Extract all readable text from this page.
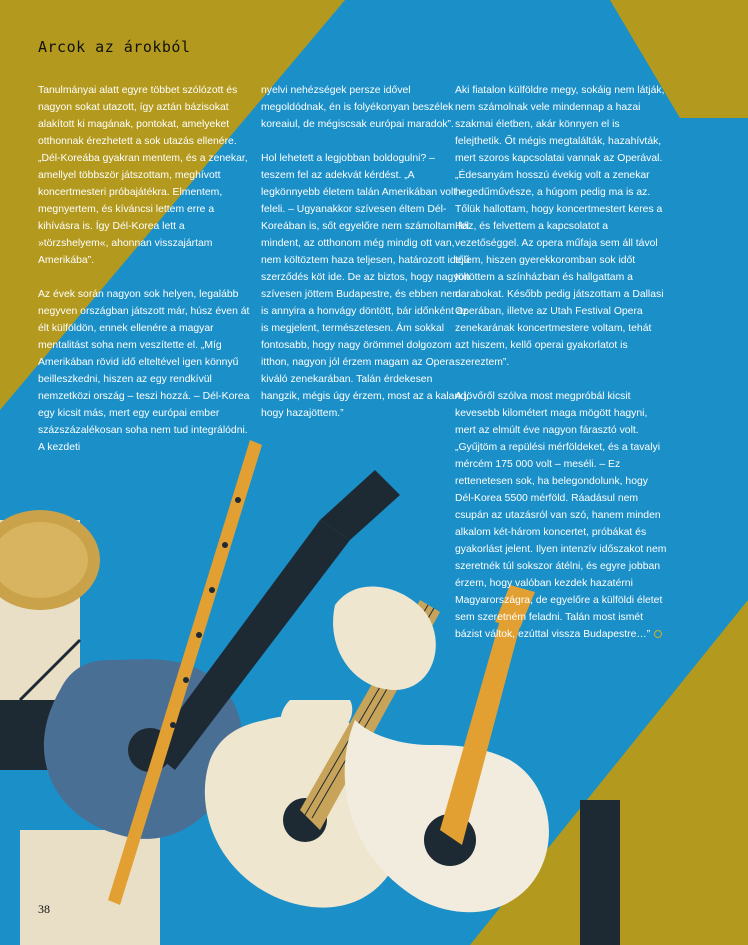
Arcok az árokból

Tanulmányai alatt egyre többet szólózott és nagyon sokat utazott, így aztán bázisokat alakított ki magának, pontokat, amelyeket otthonnak érezhetett a sok utazás ellenére. „Dél-Koreába gyakran mentem, és a zenekar, amellyel többször játszottam, meghívott koncertmesteri próbajátékra. Elmentem, megnyertem, és kíváncsi lettem erre a kihívásra is. Így Dél-Korea lett a »törzshelyem«, ahonnan visszajártam Amerikába”.

Az évek során nagyon sok helyen, legalább negyven országban játszott már, húsz éven át élt külföldön, ennek ellenére a magyar mentalitást soha nem veszítette el. „Míg Amerikában rövid idő elteltével igen könnyű beilleszkedni, hiszen az egy rendkívül nemzetközi ország – teszi hozzá. – Dél-Korea egy kicsit más, mert egy európai ember százszázalékosan soha nem tud integrálódni. A kezdeti

nyelvi nehézségek persze idővel megoldódnak, én is folyékonyan beszélek koreaiul, de mégiscsak európai maradok”.

Hol lehetett a legjobban boldogulni? – teszem fel az adekvát kérdést. „A legkönnyebb életem talán Amerikában volt – feleli. – Ugyanakkor szívesen éltem Dél-Koreában is, sőt egyelőre nem számoltam fel mindent, az otthonom még mindig ott van, nem költöztem haza teljesen, határozott idejű szerződés köt ide. De az biztos, hogy nagyon szívesen jöttem Budapestre, és ebben nem is annyira a honvágy döntött, bár időnként az is megjelent, természetesen. Ám sokkal fontosabb, hogy nagy örömmel dolgozom itthon, nagyon jól érzem magam az Opera kiváló zenekarában. Talán érdekesen hangzik, mégis úgy érzem, most az a kaland, hogy hazajöttem.”

Aki fiatalon külföldre megy, sokáig nem látják, nem számolnak vele mindennap a hazai szakmai életben, akár könnyen el is felejthetik. Őt mégis megtalálták, hazahívták, mert szoros kapcsolatai vannak az Operával. „Édesanyám hosszú évekig volt a zenekar hegedűművésze, a húgom pedig ma is az. Tőlük hallottam, hogy koncertmestert keres a Ház, és felvettem a kapcsolatot a vezetőséggel. Az opera műfaja sem áll távol tőlem, hiszen gyerekkoromban sok időt töltöttem a színházban és hallgattam a darabokat. Később pedig játszottam a Dallasi Operában, illetve az Utah Festival Opera zenekarának koncertmestere voltam, tehát azt hiszem, kellő operai gyakorlatot is szereztem”.

A jövőről szólva most megpróbál kicsit kevesebb kilométert maga mögött hagyni, mert az elmúlt éve nagyon fárasztó volt. „Gyűjtöm a repülési mérföldeket, és a tavalyi mércém 175 000 volt – meséli. – Ez rettenetesen sok, ha belegondolunk, hogy Dél-Korea 5500 mérföld. Ráadásul nem csupán az utazásról van szó, hanem minden alkalom két-három koncertet, próbákat és gyakorlást jelent. Ilyen intenzív időszakot nem szeretnék túl sokszor átélni, és egyre jobban érzem, hogy valóban kezdek hazatérni Magyarországra, de egyelőre a külföldi életet sem szeretném feladni. Talán most ismét bázist váltok, ezúttal vissza Budapestre…”

38
